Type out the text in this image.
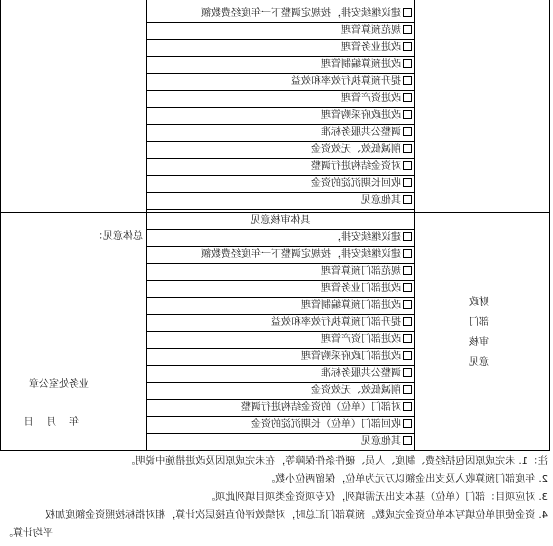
建议继续安排，按规定调整下一年度经费数额
规范预算管理
改进业务管理
改进预算编制管理
提升预算执行效率和效益
改进资产管理
改进政府采购管理
调整公共服务标准
削减低效、无效资金
对资金结构进行调整
收回长期沉淀的资金
其他意见
具体审核意见
建议继续安排，
建议继续安排，按规定调整下一年度经费数额
规范部门预算管理
改进部门业务管理
改进部门预算编制管理
提升部门预算执行效率和效益
改进部门资产管理
改进部门政府采购管理
调整公共服务标准
削减低效、无效资金
对部门（单位）的资金结构进行调整
收回部门（单位）长期沉淀的资金
其他意见
总体意见：
财政
部门
审核
意见
业务处室公章
年    月    日
注：1. 未完成原因包括经费、制度、人员、硬件条件保障等，在未完成原因及改进措施中说明。
2. 年度部门预算收入及支出金额以万元为单位，保留两位小数。
3. 对应项目：部门（单位）基本支出无需填列，仅专项资金类项目填列此项。
4. 资金使用单位填写本单位资金完成数。预算部门汇总时，对绩效评价直接层次计算，相对指标按照资金额度加权
平均计算。
